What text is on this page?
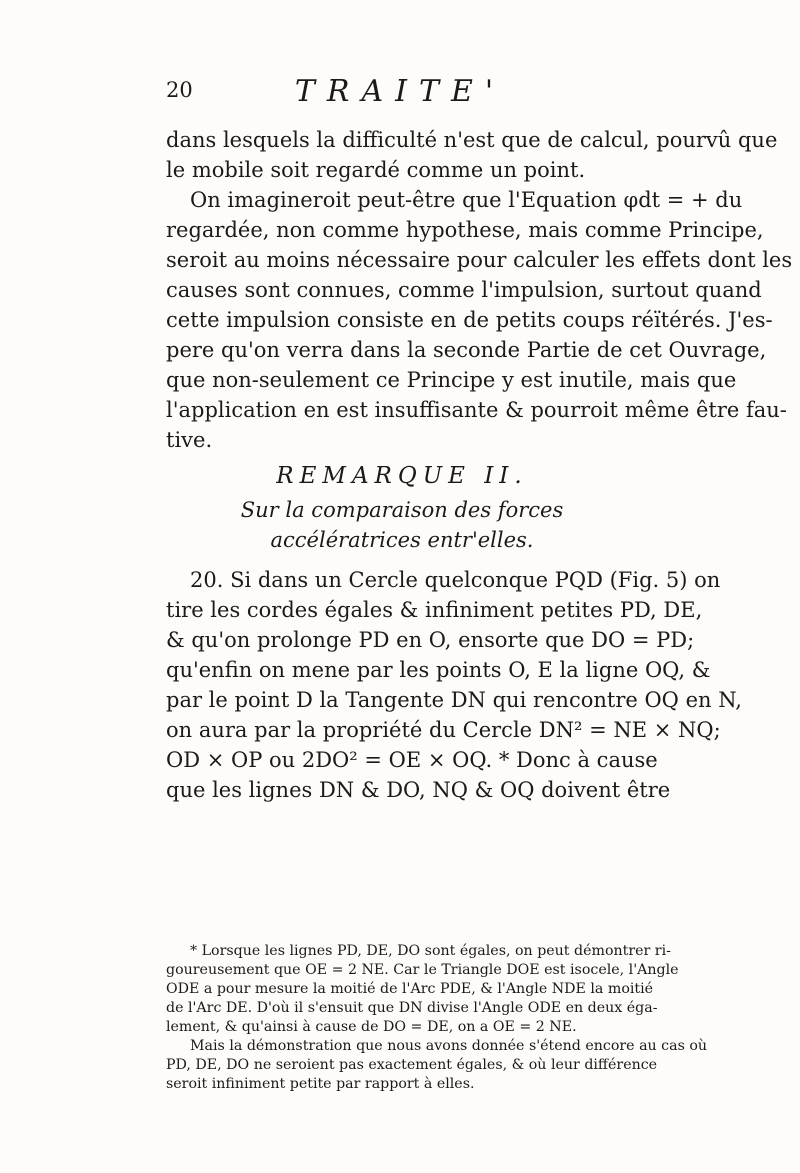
20	TRAITE'

dans lesquels la difficulté n'est que de calcul, pourvû que
le mobile soit regardé comme un point.

On imagineroit peut-être que l'Equation φdt = + du
regardée, non comme hypothese, mais comme Principe,
seroit au moins nécessaire pour calculer les effets dont les
causes sont connues, comme l'impulsion, surtout quand
cette impulsion consiste en de petits coups réïtérés. J'es-
pere qu'on verra dans la seconde Partie de cet Ouvrage,
que non-seulement ce Principe y est inutile, mais que
l'application en est insuffisante & pourroit même être fau-
tive.

REMARQUE II.
Sur la comparaison des forces accélératrices entr'elles.

20. Si dans un Cercle quelconque PQD (Fig. 5) on
tire les cordes égales & infiniment petites PD, DE,
& qu'on prolonge PD en O, ensorte que DO = PD;
qu'enfin on mene par les points O, E la ligne OQ, &
par le point D la Tangente DN qui rencontre OQ en N,
on aura par la propriété du Cercle DN² = NE × NQ;
OD × OP ou 2DO² = OE × OQ. * Donc à cause
que les lignes DN & DO, NQ & OQ doivent être

* Lorsque les lignes PD, DE, DO sont égales, on peut démontrer ri-
goureusement que OE = 2 NE. Car le Triangle DOE est isocele, l'Angle
ODE a pour mesure la moitié de l'Arc PDE, & l'Angle NDE la moitié
de l'Arc DE. D'où il s'ensuit que DN divise l'Angle ODE en deux éga-
lement, & qu'ainsi à cause de DO = DE, on a OE = 2 NE.
Mais la démonstration que nous avons donnée s'étend encore au cas où
PD, DE, DO ne seroient pas exactement égales, & où leur différence
seroit infiniment petite par rapport à elles.
